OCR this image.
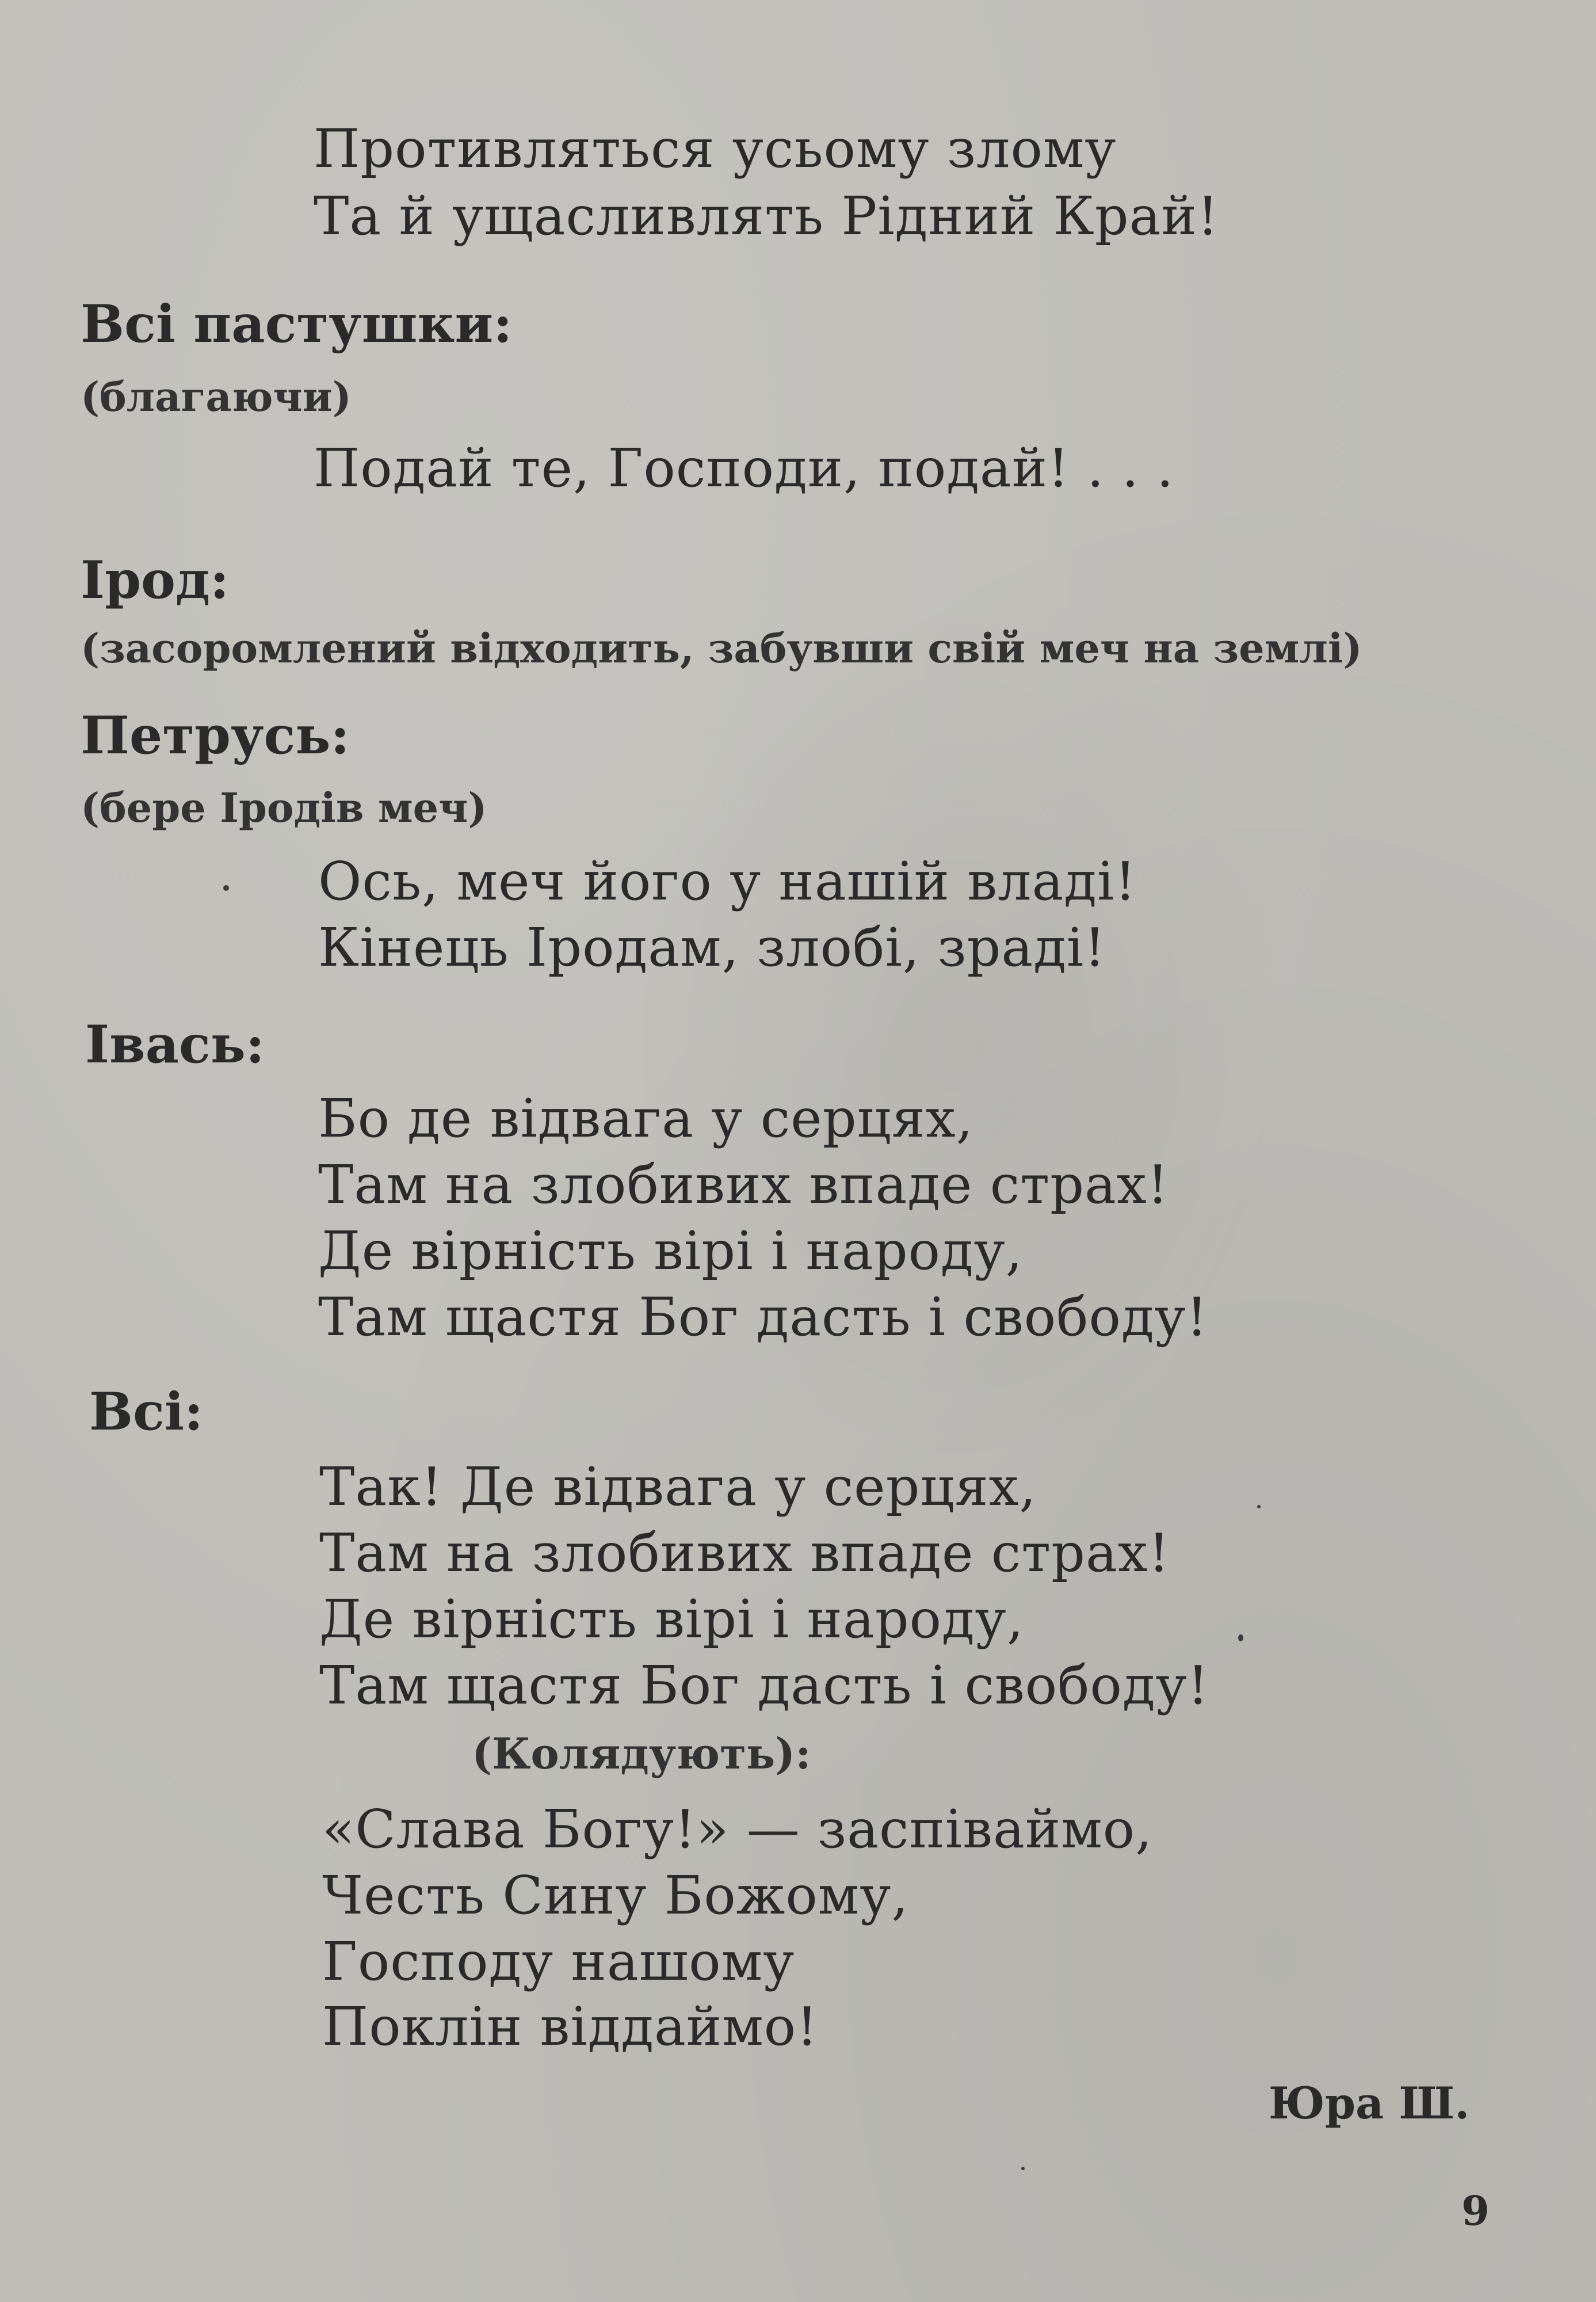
Противляться усьому злому

Та й ущасливлять Рідний Край!

Всі пастушки:

(благаючи)

Подай те, Господи, подай! . . .

Ірод:

(засоромлений відходить, забувши свій меч на землі)

Петрусь:

(бере Іродів меч)

Ось, меч його у нашій владі!

Кінець Іродам, злобі, зраді!

Івась:

Бо де відвага у серцях,

Там на злобивих впаде страх!

Де вірність вірі і народу,

Там щастя Бог дасть і свободу!

Всі:

Так! Де відвага у серцях,

Там на злобивих впаде страх!

Де вірність вірі і народу,

Там щастя Бог дасть і свободу!

(Колядують):

«Слава Богу!» — заспіваймо,

Честь Сину Божому,

Господу нашому

Поклін віддаймо!

Юра Ш.

9
